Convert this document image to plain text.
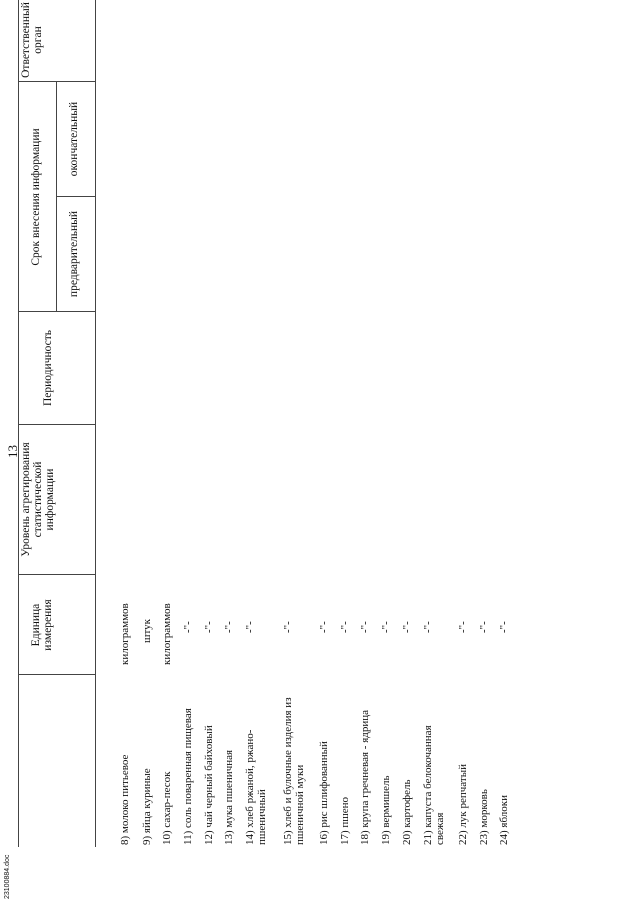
13
Единица
измерения
Уровень агрегирования
статистической
информации
Периодичность
Срок внесения информации предварительный
окончательный
Ответственный
орган
8) молоко питьевое 9) яйца куриные 10) сахар-песок 11) соль поваренная пищевая 12) чай черный байховый 13) мука пшеничная 14) хлеб ржаной, ржано-
пшеничный 15) хлеб и булочные изделия из
пшеничной муки 16) рис шлифованный 17) пшено 18) крупа гречневая - ядрица 19) вермишель 20) картофель 21) капуста белокочанная
свежая 22) лук репчатый 23) морковь 24) яблоки
килограммов штук килограммов -"- -"- -"- -"- -"- -"- -"- -"- -"- -"- -"- -"- -"- -"-
23100884.doc
